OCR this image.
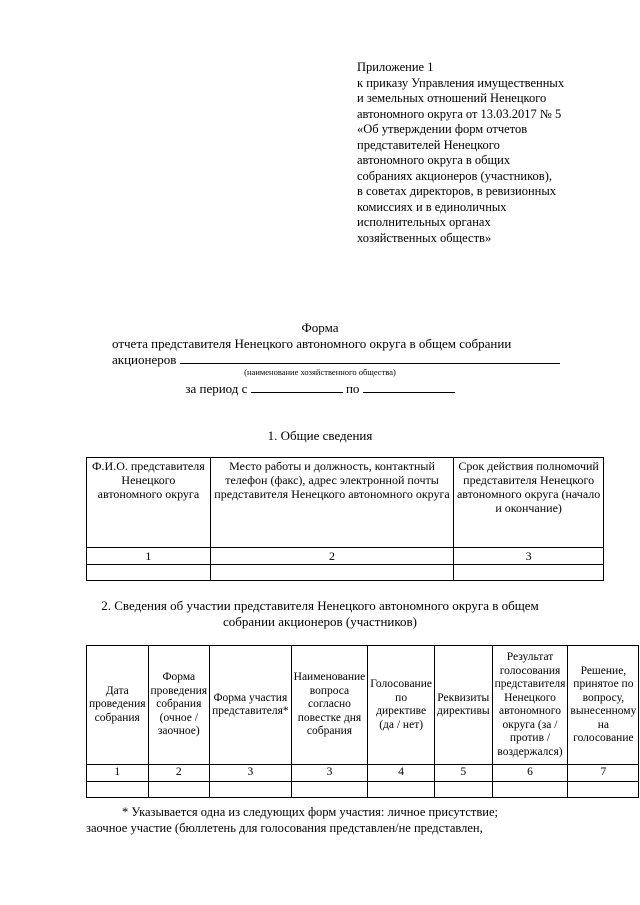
Приложение 1
к приказу Управления имущественных
и земельных отношений Ненецкого
автономного округа от 13.03.2017 № 5
«Об утверждении форм отчетов
представителей Ненецкого
автономного округа в общих
собраниях акционеров (участников),
в советах директоров, в ревизионных
комиссиях и в единоличных
исполнительных органах
хозяйственных обществ»
Форма
отчета представителя Ненецкого автономного округа в общем собрании
акционеров
(наименование хозяйственного общества)
за период с	по
1. Общие сведения
Ф.И.О. представителя Ненецкого автономного округа	Место работы и должность, контактный телефон (факс), адрес электронной почты представителя Ненецкого автономного округа	Срок действия полномочий представителя Ненецкого автономного округа (начало и окончание)
1	2	3

2. Сведения об участии представителя Ненецкого автономного округа в общем
собрании акционеров (участников)
Дата проведения собрания	Форма проведения собрания (очное / заочное)	Форма участия представителя*	Наименование вопроса согласно повестке дня собрания	Голосование по директиве (да / нет)	Реквизиты директивы	Результат голосования представителя Ненецкого автономного округа (за / против / воздержался)	Решение, принятое по вопросу, вынесенному на голосование
1	2	3	3	4	5	6	7

* Указывается одна из следующих форм участия: личное присутствие;
заочное участие (бюллетень для голосования представлен/не представлен,
